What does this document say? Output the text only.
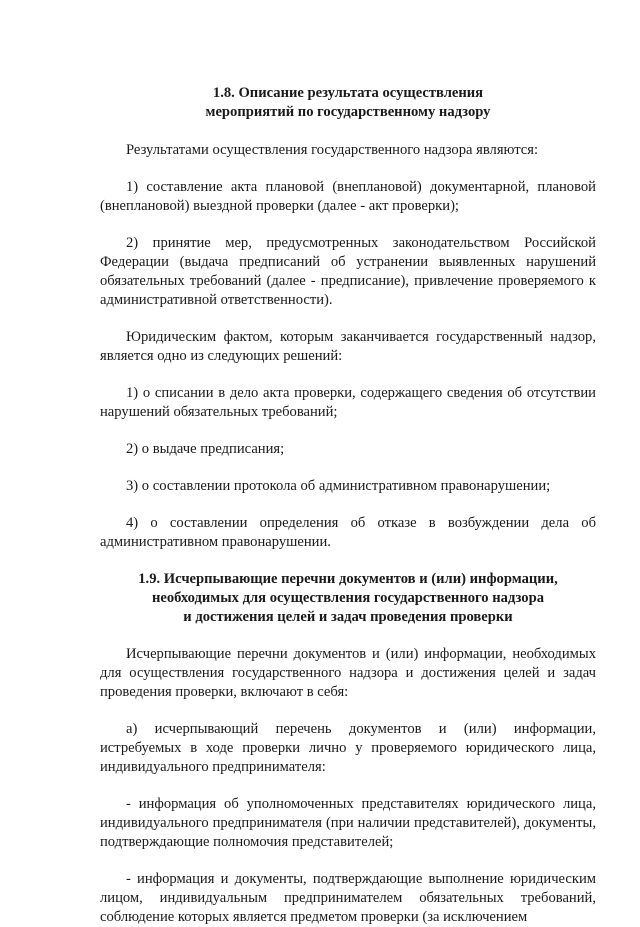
1.8. Описание результата осуществления
мероприятий по государственному надзору
Результатами осуществления государственного надзора являются:
1) составление акта плановой (внеплановой) документарной, плановой (внеплановой) выездной проверки (далее - акт проверки);
2) принятие мер, предусмотренных законодательством Российской Федерации (выдача предписаний об устранении выявленных нарушений обязательных требований (далее - предписание), привлечение проверяемого к административной ответственности).
Юридическим фактом, которым заканчивается государственный надзор, является одно из следующих решений:
1) о списании в дело акта проверки, содержащего сведения об отсутствии нарушений обязательных требований;
2) о выдаче предписания;
3) о составлении протокола об административном правонарушении;
4) о составлении определения об отказе в возбуждении дела об административном правонарушении.
1.9. Исчерпывающие перечни документов и (или) информации,
необходимых для осуществления государственного надзора
и достижения целей и задач проведения проверки
Исчерпывающие перечни документов и (или) информации, необходимых для осуществления государственного надзора и достижения целей и задач проведения проверки, включают в себя:
а) исчерпывающий перечень документов и (или) информации, истребуемых в ходе проверки лично у проверяемого юридического лица, индивидуального предпринимателя:
- информация об уполномоченных представителях юридического лица, индивидуального предпринимателя (при наличии представителей), документы, подтверждающие полномочия представителей;
- информация и документы, подтверждающие выполнение юридическим лицом, индивидуальным предпринимателем обязательных требований, соблюдение которых является предметом проверки (за исключением
